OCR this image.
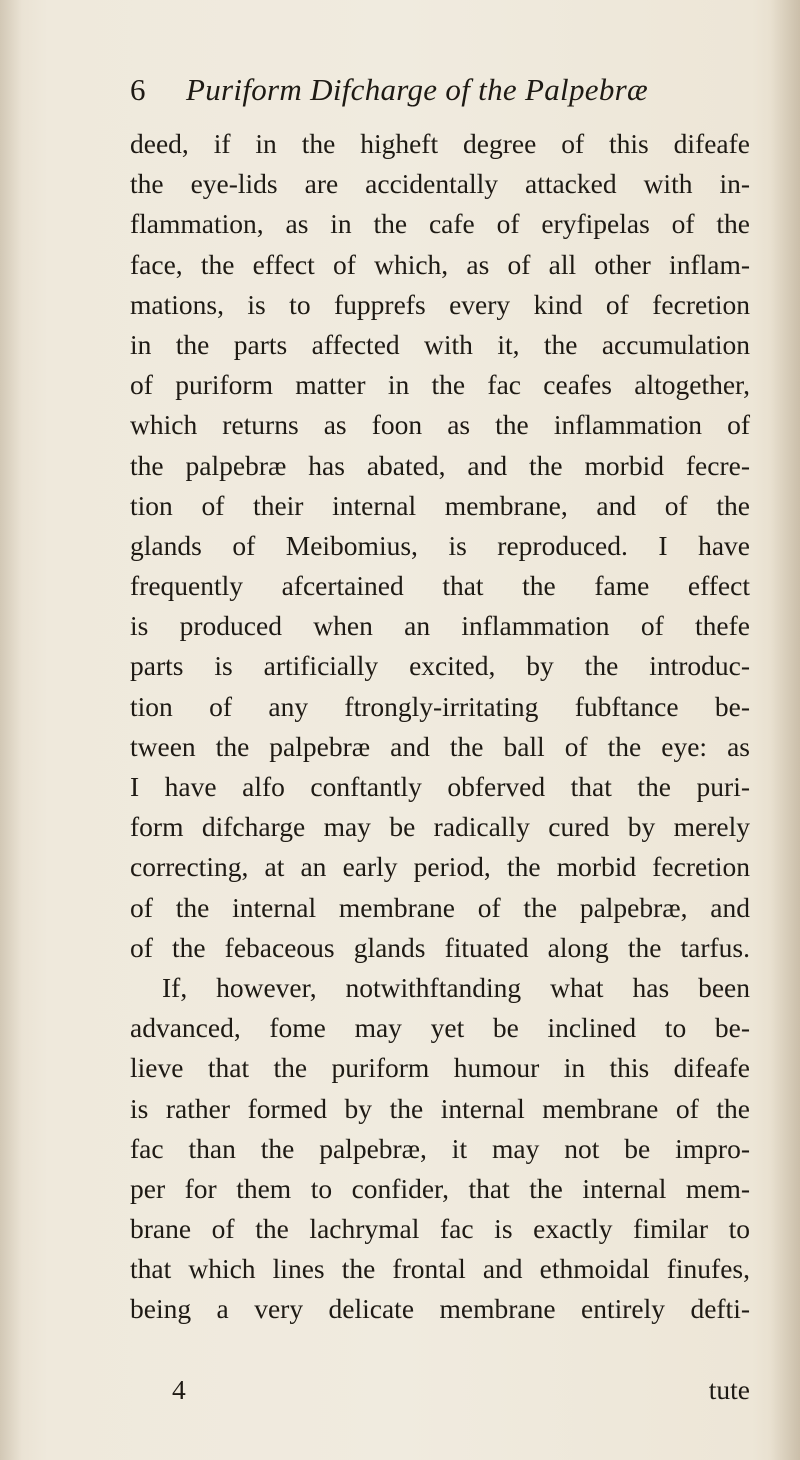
6 Puriform Difcharge of the Palpebræ
deed, if in the higheft degree of this difeafe
the eye-lids are accidentally attacked with in-
flammation, as in the cafe of eryfipelas of the
face, the effect of which, as of all other inflam-
mations, is to fupprefs every kind of fecretion
in the parts affected with it, the accumulation
of puriform matter in the fac ceafes altogether,
which returns as foon as the inflammation of
the palpebræ has abated, and the morbid fecre-
tion of their internal membrane, and of the
glands of Meibomius, is reproduced. I have
frequently afcertained that the fame effect
is produced when an inflammation of thefe
parts is artificially excited, by the introduc-
tion of any ftrongly-irritating fubftance be-
tween the palpebræ and the ball of the eye: as
I have alfo conftantly obferved that the puri-
form difcharge may be radically cured by merely
correcting, at an early period, the morbid fecretion
of the internal membrane of the palpebræ, and
of the febaceous glands fituated along the tarfus.
If, however, notwithftanding what has been
advanced, fome may yet be inclined to be-
lieve that the puriform humour in this difeafe
is rather formed by the internal membrane of the
fac than the palpebræ, it may not be impro-
per for them to confider, that the internal mem-
brane of the lachrymal fac is exactly fimilar to
that which lines the frontal and ethmoidal finufes,
being a very delicate membrane entirely defti-
4	tute
